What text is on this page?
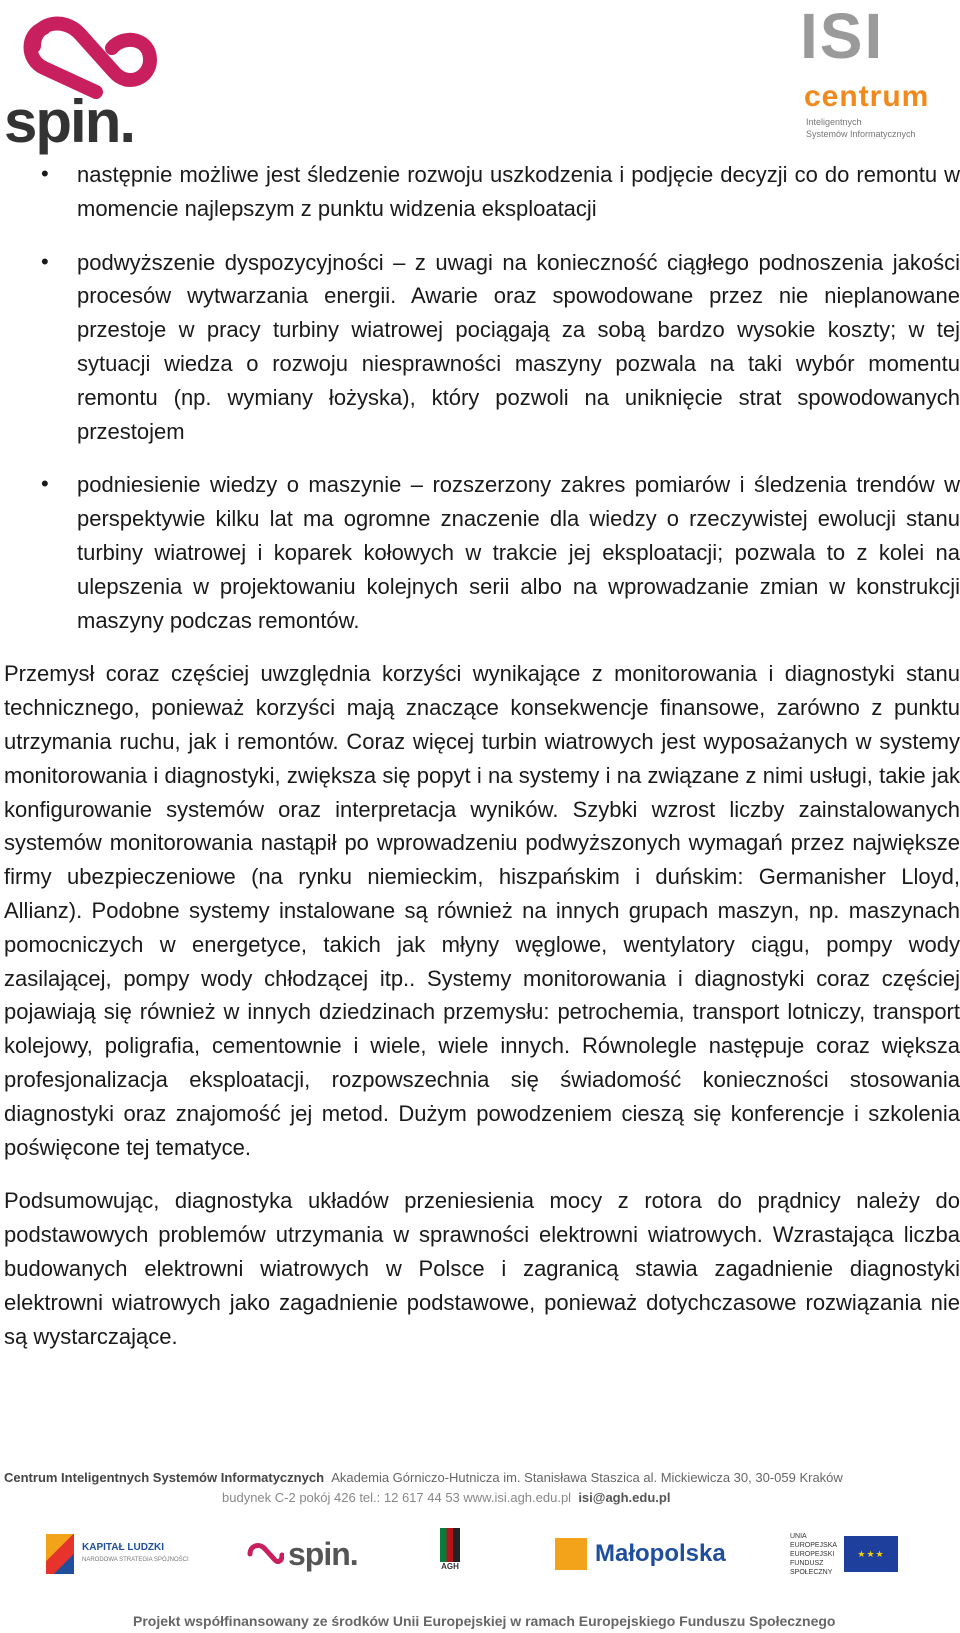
spin.
ISI
centrum
Inteligentnych
Systemów Informatycznych
• następnie możliwe jest śledzenie rozwoju uszkodzenia i podjęcie decyzji co do remontu w momencie najlepszym z punktu widzenia eksploatacji
• podwyższenie dyspozycyjności – z uwagi na konieczność ciągłego podnoszenia jakości procesów wytwarzania energii. Awarie oraz spowodowane przez nie nieplanowane przestoje w pracy turbiny wiatrowej pociągają za sobą bardzo wysokie koszty; w tej sytuacji wiedza o rozwoju niesprawności maszyny pozwala na taki wybór momentu remontu (np. wymiany łożyska), który pozwoli na uniknięcie strat spowodowanych przestojem
• podniesienie wiedzy o maszynie – rozszerzony zakres pomiarów i śledzenia trendów w perspektywie kilku lat ma ogromne znaczenie dla wiedzy o rzeczywistej ewolucji stanu turbiny wiatrowej i koparek kołowych w trakcie jej eksploatacji; pozwala to z kolei na ulepszenia w projektowaniu kolejnych serii albo na wprowadzanie zmian w konstrukcji maszyny podczas remontów.

Przemysł coraz częściej uwzględnia korzyści wynikające z monitorowania i diagnostyki stanu technicznego, ponieważ korzyści mają znaczące konsekwencje finansowe, zarówno z punktu utrzymania ruchu, jak i remontów. Coraz więcej turbin wiatrowych jest wyposażanych w systemy monitorowania i diagnostyki, zwiększa się popyt i na systemy i na związane z nimi usługi, takie jak konfigurowanie systemów oraz interpretacja wyników. Szybki wzrost liczby zainstalowanych systemów monitorowania nastąpił po wprowadzeniu podwyższonych wymagań przez największe firmy ubezpieczeniowe (na rynku niemieckim, hiszpańskim i duńskim: Germanisher Lloyd, Allianz). Podobne systemy instalowane są również na innych grupach maszyn, np. maszynach pomocniczych w energetyce, takich jak młyny węglowe, wentylatory ciągu, pompy wody zasilającej, pompy wody chłodzącej itp.. Systemy monitorowania i diagnostyki coraz częściej pojawiają się również w innych dziedzinach przemysłu: petrochemia, transport lotniczy, transport kolejowy, poligrafia, cementownie i wiele, wiele innych. Równolegle następuje coraz większa profesjonalizacja eksploatacji, rozpowszechnia się świadomość konieczności stosowania diagnostyki oraz znajomość jej metod. Dużym powodzeniem cieszą się konferencje i szkolenia poświęcone tej tematyce.

Podsumowując, diagnostyka układów przeniesienia mocy z rotora do prądnicy należy do podstawowych problemów utrzymania w sprawności elektrowni wiatrowych. Wzrastająca liczba budowanych elektrowni wiatrowych w Polsce i zagranicą stawia zagadnienie diagnostyki elektrowni wiatrowych jako zagadnienie podstawowe, ponieważ dotychczasowe rozwiązania nie są wystarczające.

Centrum Inteligentnych Systemów Informatycznych Akademia Górniczo-Hutnicza im. Stanisława Staszica al. Mickiewicza 30, 30-059 Kraków
budynek C-2 pokój 426 tel.: 12 617 44 53 www.isi.agh.edu.pl isi@agh.edu.pl
KAPITAŁ LUDZKI
NARODOWA STRATEGIA SPÓJNOŚCI	spin.	AGH	Małopolska
UNIA EUROPEJSKA EUROPEJSKI FUNDUSZ SPOŁECZNY
★★★
Projekt współfinansowany ze środków Unii Europejskiej w ramach Europejskiego Funduszu Społecznego
